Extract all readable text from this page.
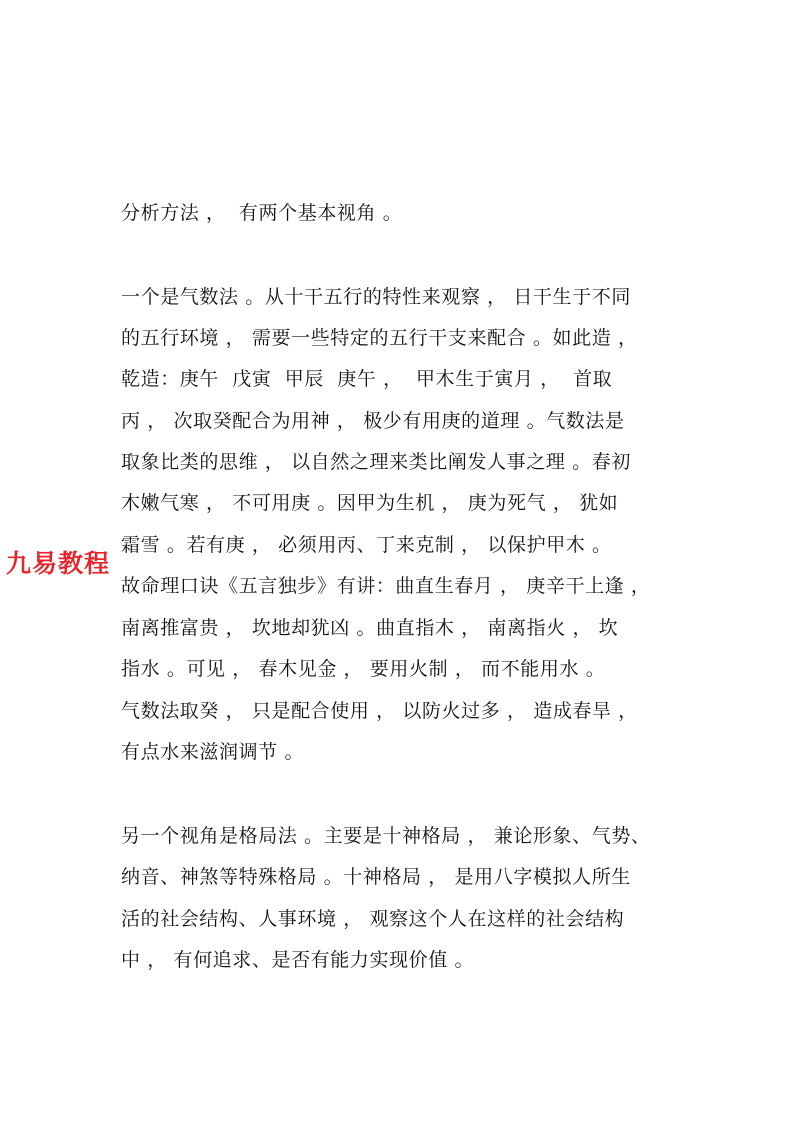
分析方法 ，  有两个基本视角 。
一个是气数法 。从十干五行的特性来观察 ， 日干生于不同
的五行环境 ， 需要一些特定的五行干支来配合 。如此造 ，
乾造：庚午  戊寅  甲辰  庚午 ，  甲木生于寅月 ，  首取
丙 ， 次取癸配合为用神 ， 极少有用庚的道理 。气数法是
取象比类的思维 ， 以自然之理来类比阐发人事之理 。春初
木嫩气寒 ， 不可用庚 。因甲为生机 ， 庚为死气 ， 犹如
霜雪 。若有庚 ， 必须用丙、丁来克制 ， 以保护甲木 。
故命理口诀《五言独步》有讲：曲直生春月 ， 庚辛干上逢 ，
南离推富贵 ， 坎地却犹凶 。曲直指木 ， 南离指火 ， 坎
指水 。可见 ， 春木见金 ， 要用火制 ， 而不能用水 。
气数法取癸 ， 只是配合使用 ， 以防火过多 ， 造成春旱 ，
有点水来滋润调节 。
另一个视角是格局法 。主要是十神格局 ， 兼论形象、气势、
纳音、神煞等特殊格局 。十神格局 ， 是用八字模拟人所生
活的社会结构、人事环境 ， 观察这个人在这样的社会结构
中 ， 有何追求、是否有能力实现价值 。
九易教程
